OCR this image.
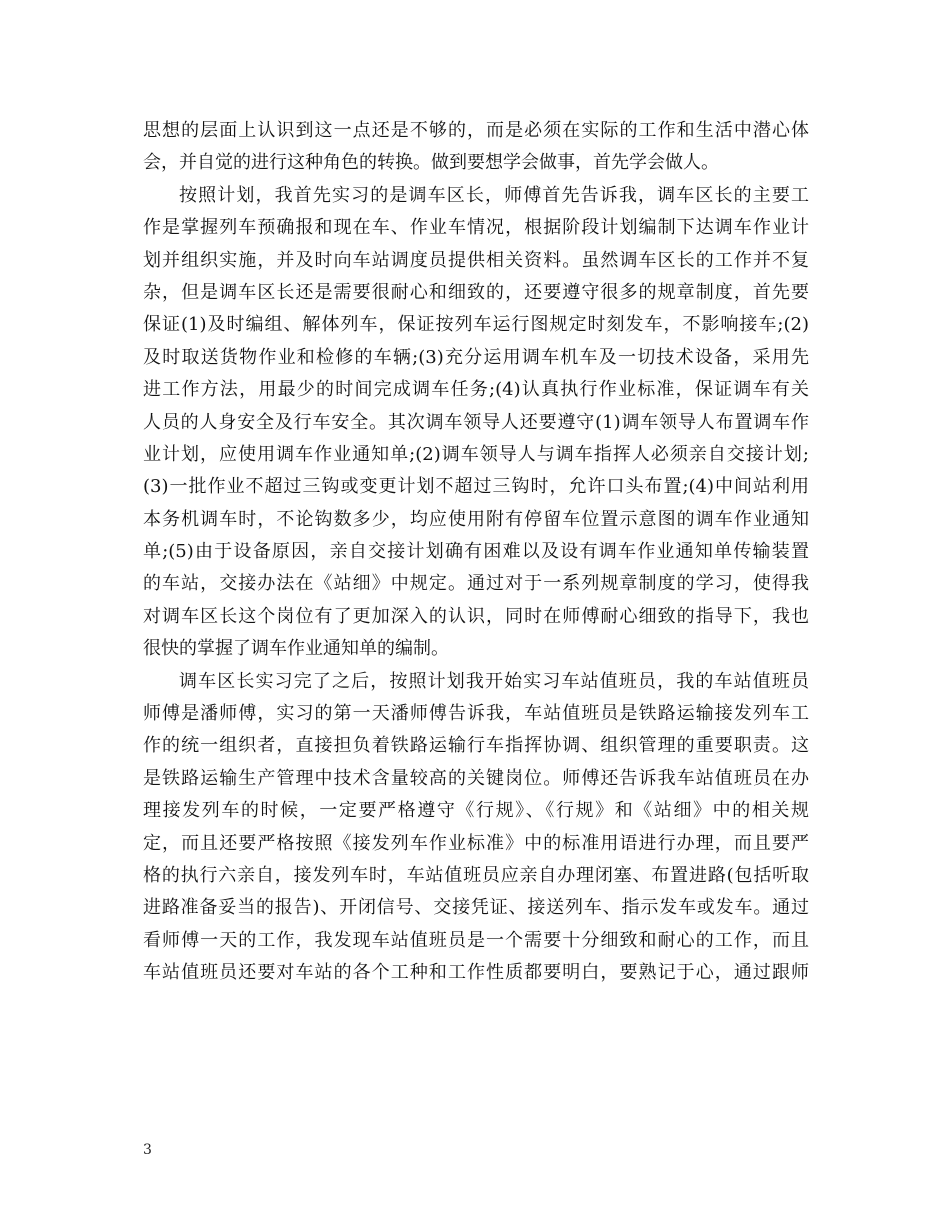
思想的层面上认识到这一点还是不够的，而是必须在实际的工作和生活中潜心体
会，并自觉的进行这种角色的转换。做到要想学会做事，首先学会做人。
按照计划，我首先实习的是调车区长，师傅首先告诉我，调车区长的主要工
作是掌握列车预确报和现在车、作业车情况，根据阶段计划编制下达调车作业计
划并组织实施，并及时向车站调度员提供相关资料。虽然调车区长的工作并不复
杂，但是调车区长还是需要很耐心和细致的，还要遵守很多的规章制度，首先要
保证(1)及时编组、解体列车，保证按列车运行图规定时刻发车，不影响接车;(2)
及时取送货物作业和检修的车辆;(3)充分运用调车机车及一切技术设备，采用先
进工作方法，用最少的时间完成调车任务;(4)认真执行作业标准，保证调车有关
人员的人身安全及行车安全。其次调车领导人还要遵守(1)调车领导人布置调车作
业计划，应使用调车作业通知单;(2)调车领导人与调车指挥人必须亲自交接计划;
(3)一批作业不超过三钩或变更计划不超过三钩时，允许口头布置;(4)中间站利用
本务机调车时，不论钩数多少，均应使用附有停留车位置示意图的调车作业通知
单;(5)由于设备原因，亲自交接计划确有困难以及设有调车作业通知单传输装置
的车站，交接办法在《站细》中规定。通过对于一系列规章制度的学习，使得我
对调车区长这个岗位有了更加深入的认识，同时在师傅耐心细致的指导下，我也
很快的掌握了调车作业通知单的编制。
调车区长实习完了之后，按照计划我开始实习车站值班员，我的车站值班员
师傅是潘师傅，实习的第一天潘师傅告诉我，车站值班员是铁路运输接发列车工
作的统一组织者，直接担负着铁路运输行车指挥协调、组织管理的重要职责。这
是铁路运输生产管理中技术含量较高的关键岗位。师傅还告诉我车站值班员在办
理接发列车的时候，一定要严格遵守《行规》、《行规》和《站细》中的相关规
定，而且还要严格按照《接发列车作业标准》中的标准用语进行办理，而且要严
格的执行六亲自，接发列车时，车站值班员应亲自办理闭塞、布置进路(包括听取
进路准备妥当的报告)、开闭信号、交接凭证、接送列车、指示发车或发车。通过
看师傅一天的工作，我发现车站值班员是一个需要十分细致和耐心的工作，而且
车站值班员还要对车站的各个工种和工作性质都要明白，要熟记于心，通过跟师
3
